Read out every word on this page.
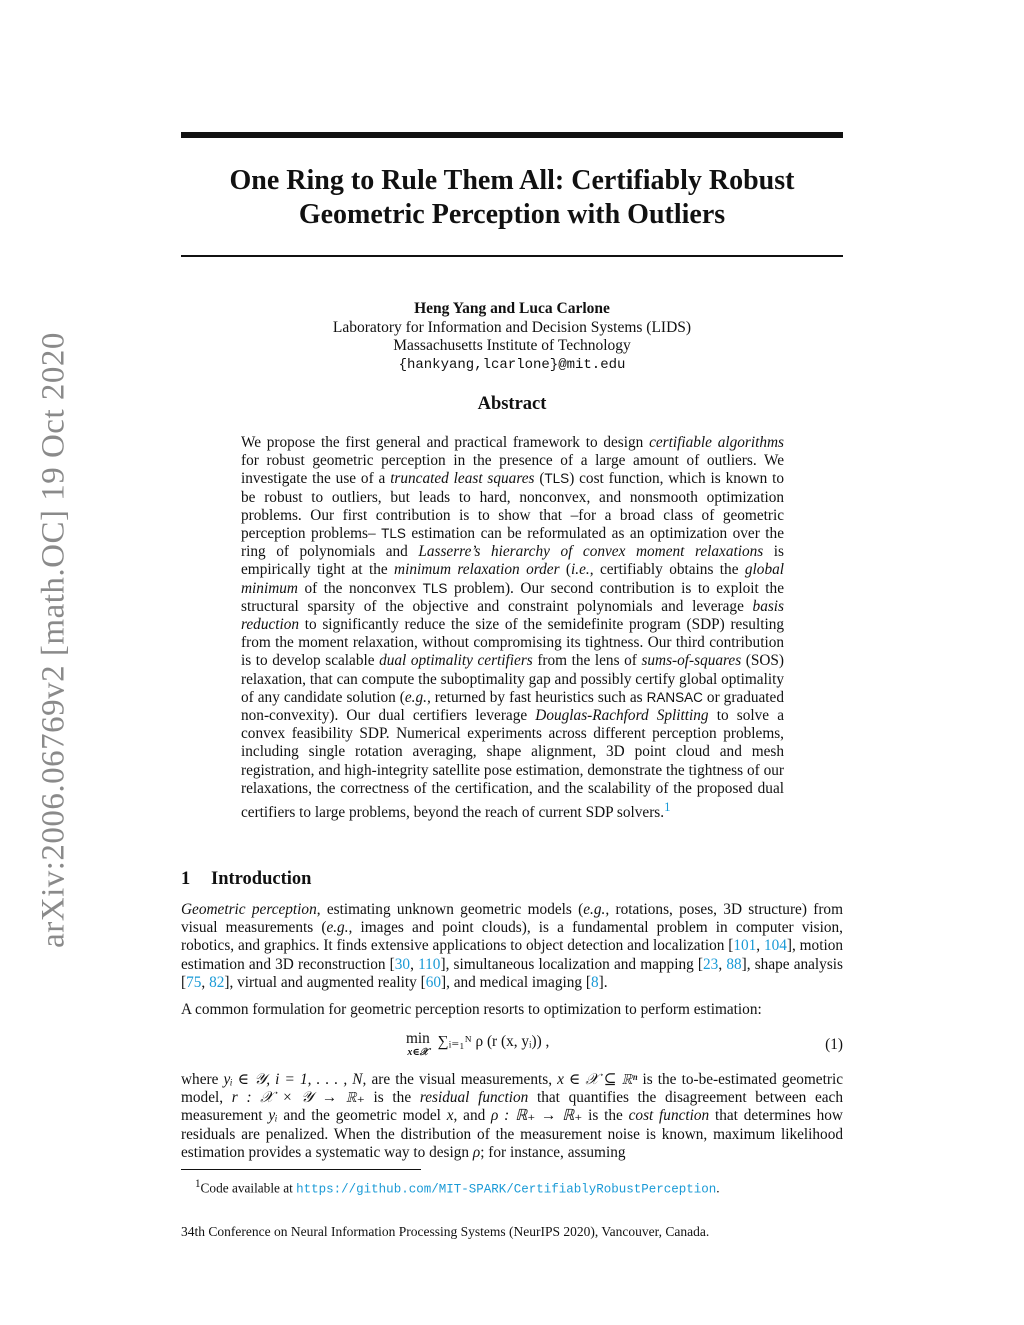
arXiv:2006.06769v2 [math.OC] 19 Oct 2020
One Ring to Rule Them All: Certifiably Robust
Geometric Perception with Outliers
Heng Yang and Luca Carlone
Laboratory for Information and Decision Systems (LIDS)
Massachusetts Institute of Technology
{hankyang,lcarlone}@mit.edu
Abstract

We propose the first general and practical framework to design certifiable algorithms for robust geometric perception in the presence of a large amount of outliers. We investigate the use of a truncated least squares (TLS) cost function, which is known to be robust to outliers, but leads to hard, nonconvex, and nonsmooth optimization problems. Our first contribution is to show that –for a broad class of geometric perception problems– TLS estimation can be reformulated as an optimization over the ring of polynomials and Lasserre’s hierarchy of convex moment relaxations is empirically tight at the minimum relaxation order (i.e., certifiably obtains the global minimum of the nonconvex TLS problem). Our second contribution is to exploit the structural sparsity of the objective and constraint polynomials and leverage basis reduction to significantly reduce the size of the semidefinite program (SDP) resulting from the moment relaxation, without compromising its tightness. Our third contribution is to develop scalable dual optimality certifiers from the lens of sums-of-squares (SOS) relaxation, that can compute the suboptimality gap and possibly certify global optimality of any candidate solution (e.g., returned by fast heuristics such as RANSAC or graduated non-convexity). Our dual certifiers leverage Douglas-Rachford Splitting to solve a convex feasibility SDP. Numerical experiments across different perception problems, including single rotation averaging, shape alignment, 3D point cloud and mesh registration, and high-integrity satellite pose estimation, demonstrate the tightness of our relaxations, the correctness of the certification, and the scalability of the proposed dual certifiers to large problems, beyond the reach of current SDP solvers.$^1$

1 Introduction

Geometric perception, estimating unknown geometric models (e.g., rotations, poses, 3D structure) from visual measurements (e.g., images and point clouds), is a fundamental problem in computer vision, robotics, and graphics. It finds extensive applications to object detection and localization [101, 104], motion estimation and 3D reconstruction [30, 110], simultaneous localization and mapping [23, 88], shape analysis [75, 82], virtual and augmented reality [60], and medical imaging [8].

A common formulation for geometric perception resorts to optimization to perform estimation:

min
x∈𝒳
∑ᵢ₌₁ᴺ ρ (r (x, yᵢ)) ,	(1)

where yᵢ ∈ 𝒴, i = 1, . . . , N, are the visual measurements, x ∈ 𝒳 ⊆ ℝⁿ is the to-be-estimated geometric model, r : 𝒳 × 𝒴 → ℝ₊ is the residual function that quantifies the disagreement between each measurement yᵢ and the geometric model x, and ρ : ℝ₊ → ℝ₊ is the cost function that determines how residuals are penalized. When the distribution of the measurement noise is known, maximum likelihood estimation provides a systematic way to design ρ; for instance, assuming

$^1$Code available at https://github.com/MIT-SPARK/CertifiablyRobustPerception.

34th Conference on Neural Information Processing Systems (NeurIPS 2020), Vancouver, Canada.
